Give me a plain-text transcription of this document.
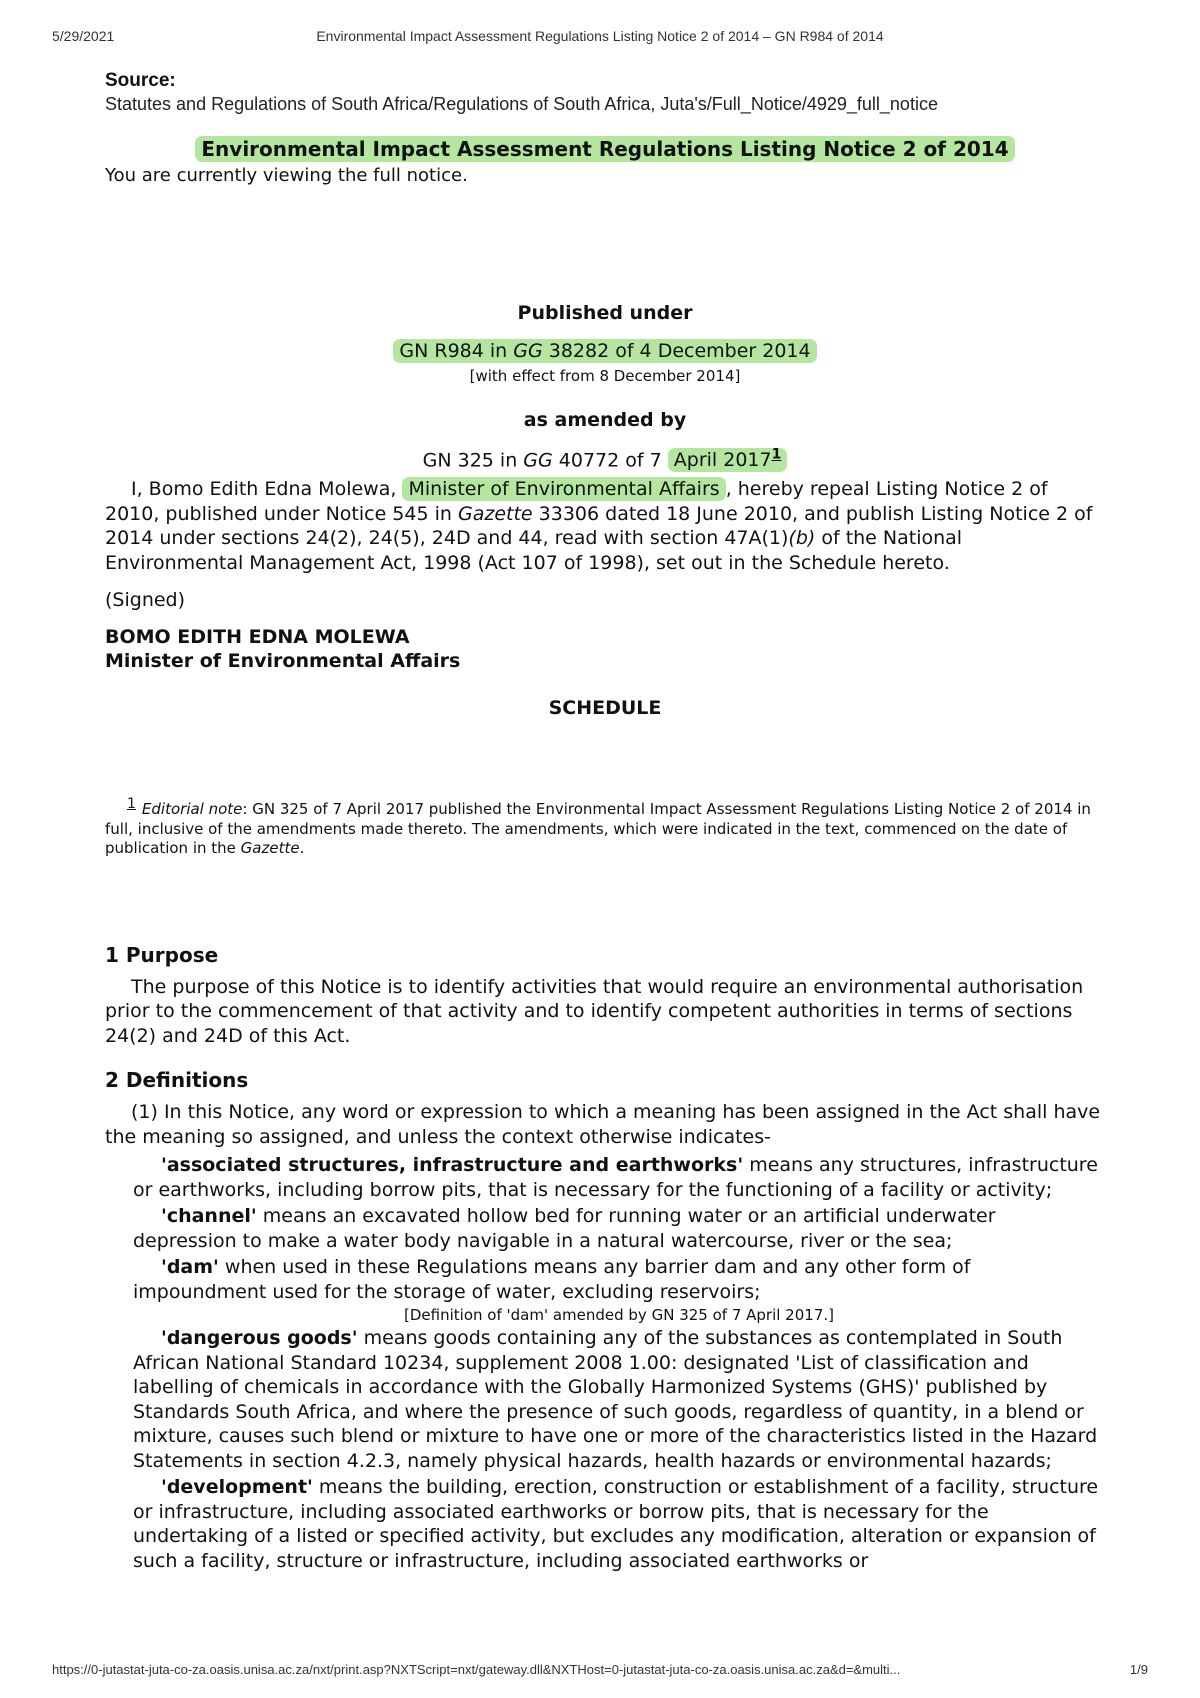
5/29/2021	Environmental Impact Assessment Regulations Listing Notice 2 of 2014 – GN R984 of 2014
Source:
Statutes and Regulations of South Africa/Regulations of South Africa, Juta's/Full_Notice/4929_full_notice
Environmental Impact Assessment Regulations Listing Notice 2 of 2014
You are currently viewing the full notice.
Published under
GN R984 in GG 38282 of 4 December 2014
[with effect from 8 December 2014]
as amended by
GN 325 in GG 40772 of 7 April 2017$^1$

I, Bomo Edith Edna Molewa, Minister of Environmental Affairs , hereby repeal Listing Notice 2 of 2010, published under Notice 545 in Gazette 33306 dated 18 June 2010, and publish Listing Notice 2 of 2014 under sections 24(2), 24(5), 24D and 44, read with section 47A(1)(b) of the National Environmental Management Act, 1998 (Act 107 of 1998), set out in the Schedule hereto.

(Signed)
BOMO EDITH EDNA MOLEWA
Minister of Environmental Affairs
SCHEDULE

1 Editorial note: GN 325 of 7 April 2017 published the Environmental Impact Assessment Regulations Listing Notice 2 of 2014 in full, inclusive of the amendments made thereto. The amendments, which were indicated in the text, commenced on the date of publication in the Gazette.

1 Purpose

The purpose of this Notice is to identify activities that would require an environmental authorisation prior to the commencement of that activity and to identify competent authorities in terms of sections 24(2) and 24D of this Act.

2 Definitions

(1) In this Notice, any word or expression to which a meaning has been assigned in the Act shall have the meaning so assigned, and unless the context otherwise indicates-

'associated structures, infrastructure and earthworks' means any structures, infrastructure or earthworks, including borrow pits, that is necessary for the functioning of a facility or activity;

'channel' means an excavated hollow bed for running water or an artificial underwater depression to make a water body navigable in a natural watercourse, river or the sea;

'dam' when used in these Regulations means any barrier dam and any other form of impoundment used for the storage of water, excluding reservoirs;

[Definition of 'dam' amended by GN 325 of 7 April 2017.]

'dangerous goods' means goods containing any of the substances as contemplated in South African National Standard 10234, supplement 2008 1.00: designated 'List of classification and labelling of chemicals in accordance with the Globally Harmonized Systems (GHS)' published by Standards South Africa, and where the presence of such goods, regardless of quantity, in a blend or mixture, causes such blend or mixture to have one or more of the characteristics listed in the Hazard Statements in section 4.2.3, namely physical hazards, health hazards or environmental hazards;

'development' means the building, erection, construction or establishment of a facility, structure or infrastructure, including associated earthworks or borrow pits, that is necessary for the undertaking of a listed or specified activity, but excludes any modification, alteration or expansion of such a facility, structure or infrastructure, including associated earthworks or

https://0-jutastat-juta-co-za.oasis.unisa.ac.za/nxt/print.asp?NXTScript=nxt/gateway.dll&NXTHost=0-jutastat-juta-co-za.oasis.unisa.ac.za&d=&multi...	1/9
